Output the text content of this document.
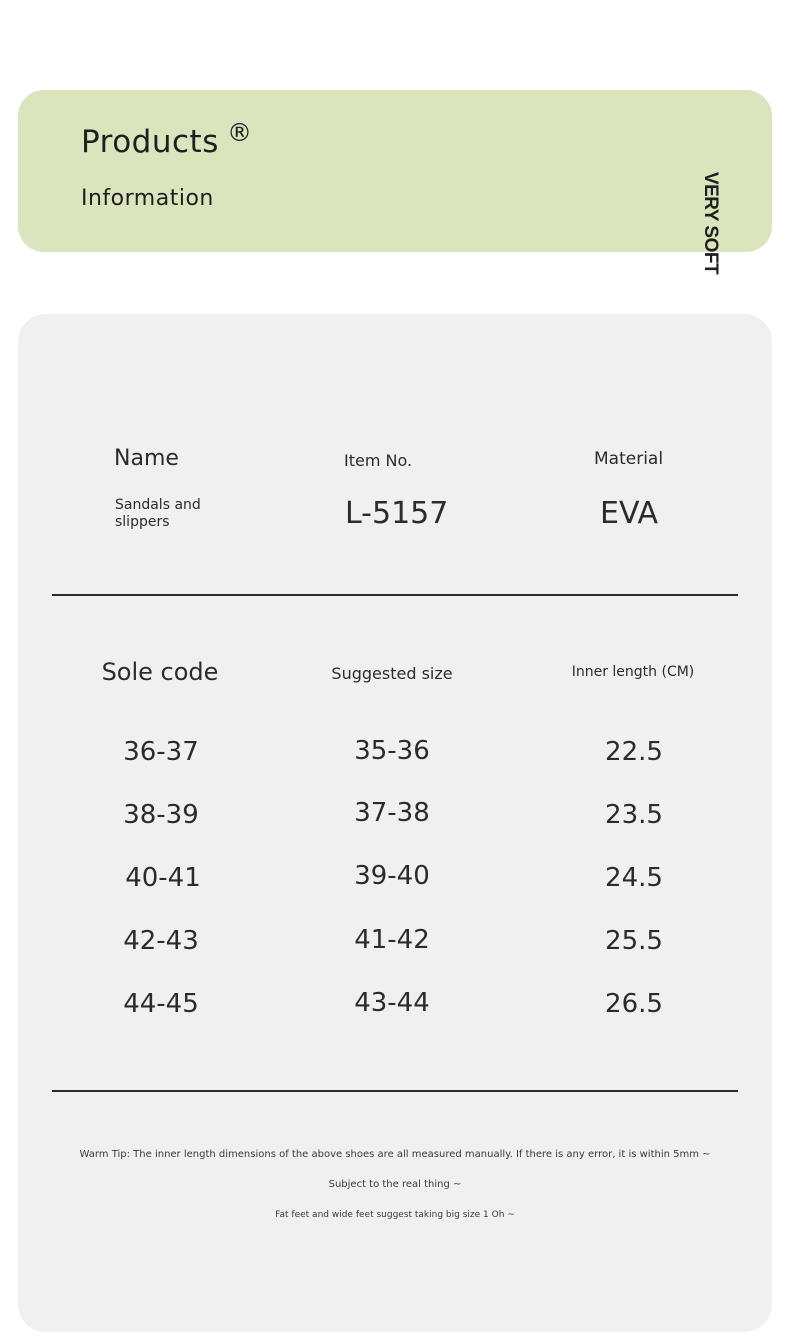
Products ®
Information	VERY SOFT
Name	Item No.	Material
Sandals and
slippers	L-5157	EVA
Sole code	Suggested size	Inner length (CM)
36-37	35-36	22.5
38-39	37-38	23.5
40-41	39-40	24.5
42-43	41-42	25.5
44-45	43-44	26.5
Warm Tip: The inner length dimensions of the above shoes are all measured manually. If there is any error, it is within 5mm ~
Subject to the real thing ~
Fat feet and wide feet suggest taking big size 1 Oh ~
